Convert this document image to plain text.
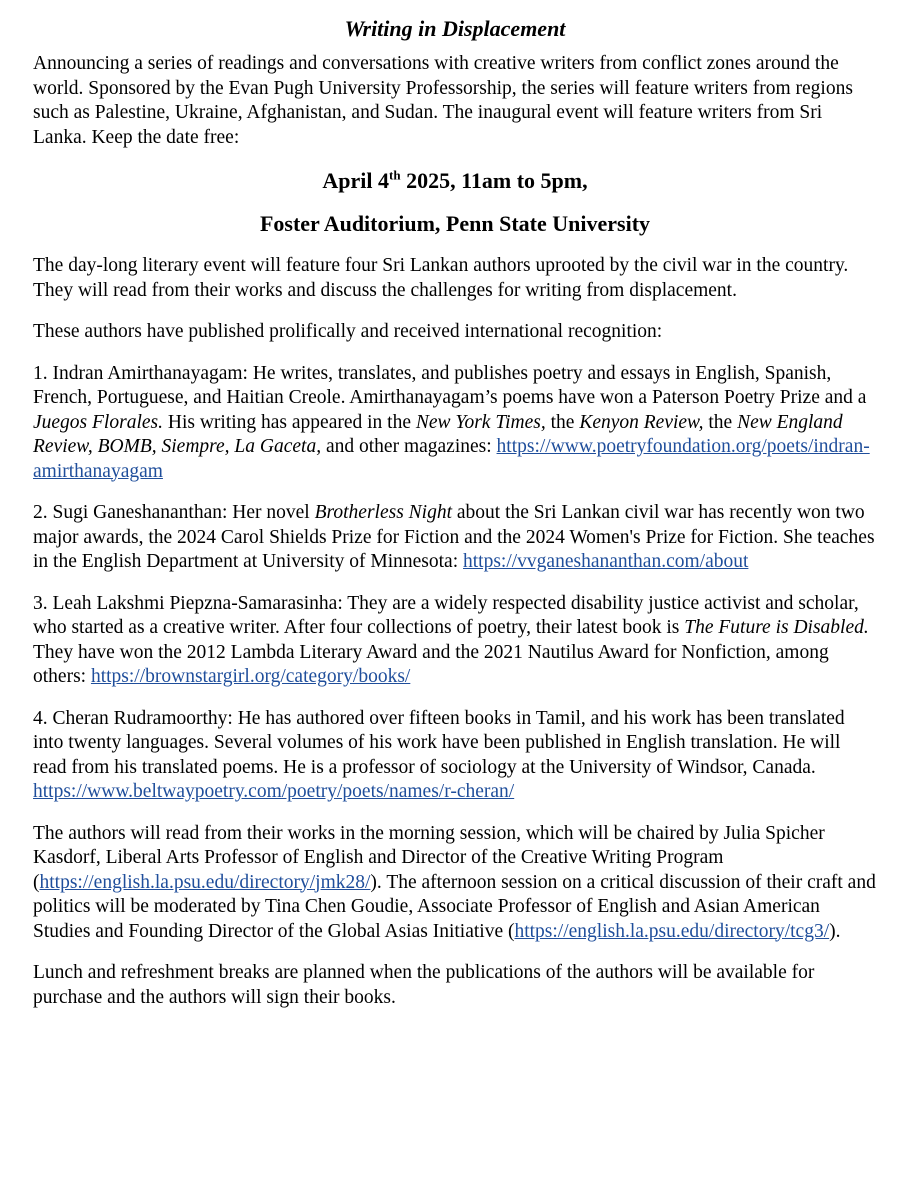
Writing in Displacement

Announcing a series of readings and conversations with creative writers from conflict zones around the world. Sponsored by the Evan Pugh University Professorship, the series will feature writers from regions such as Palestine, Ukraine, Afghanistan, and Sudan. The inaugural event will feature writers from Sri Lanka. Keep the date free:

April 4th 2025, 11am to 5pm,
Foster Auditorium, Penn State University

The day-long literary event will feature four Sri Lankan authors uprooted by the civil war in the country. They will read from their works and discuss the challenges for writing from displacement.

These authors have published prolifically and received international recognition:

1. Indran Amirthanayagam: He writes, translates, and publishes poetry and essays in English, Spanish, French, Portuguese, and Haitian Creole. Amirthanayagam’s poems have won a Paterson Poetry Prize and a Juegos Florales. His writing has appeared in the New York Times, the Kenyon Review, the New England Review, BOMB, Siempre, La Gaceta, and other magazines: https://www.poetryfoundation.org/poets/indran-amirthanayagam

2. Sugi Ganeshananthan: Her novel Brotherless Night about the Sri Lankan civil war has recently won two major awards, the 2024 Carol Shields Prize for Fiction and the 2024 Women's Prize for Fiction. She teaches in the English Department at University of Minnesota: https://vvganeshananthan.com/about

3. Leah Lakshmi Piepzna-Samarasinha: They are a widely respected disability justice activist and scholar, who started as a creative writer. After four collections of poetry, their latest book is The Future is Disabled. They have won the 2012 Lambda Literary Award and the 2021 Nautilus Award for Nonfiction, among others: https://brownstargirl.org/category/books/

4. Cheran Rudramoorthy: He has authored over fifteen books in Tamil, and his work has been translated into twenty languages. Several volumes of his work have been published in English translation. He will read from his translated poems. He is a professor of sociology at the University of Windsor, Canada. https://www.beltwaypoetry.com/poetry/poets/names/r-cheran/

The authors will read from their works in the morning session, which will be chaired by Julia Spicher Kasdorf, Liberal Arts Professor of English and Director of the Creative Writing Program (https://english.la.psu.edu/directory/jmk28/). The afternoon session on a critical discussion of their craft and politics will be moderated by Tina Chen Goudie, Associate Professor of English and Asian American Studies and Founding Director of the Global Asias Initiative (https://english.la.psu.edu/directory/tcg3/).

Lunch and refreshment breaks are planned when the publications of the authors will be available for purchase and the authors will sign their books.
